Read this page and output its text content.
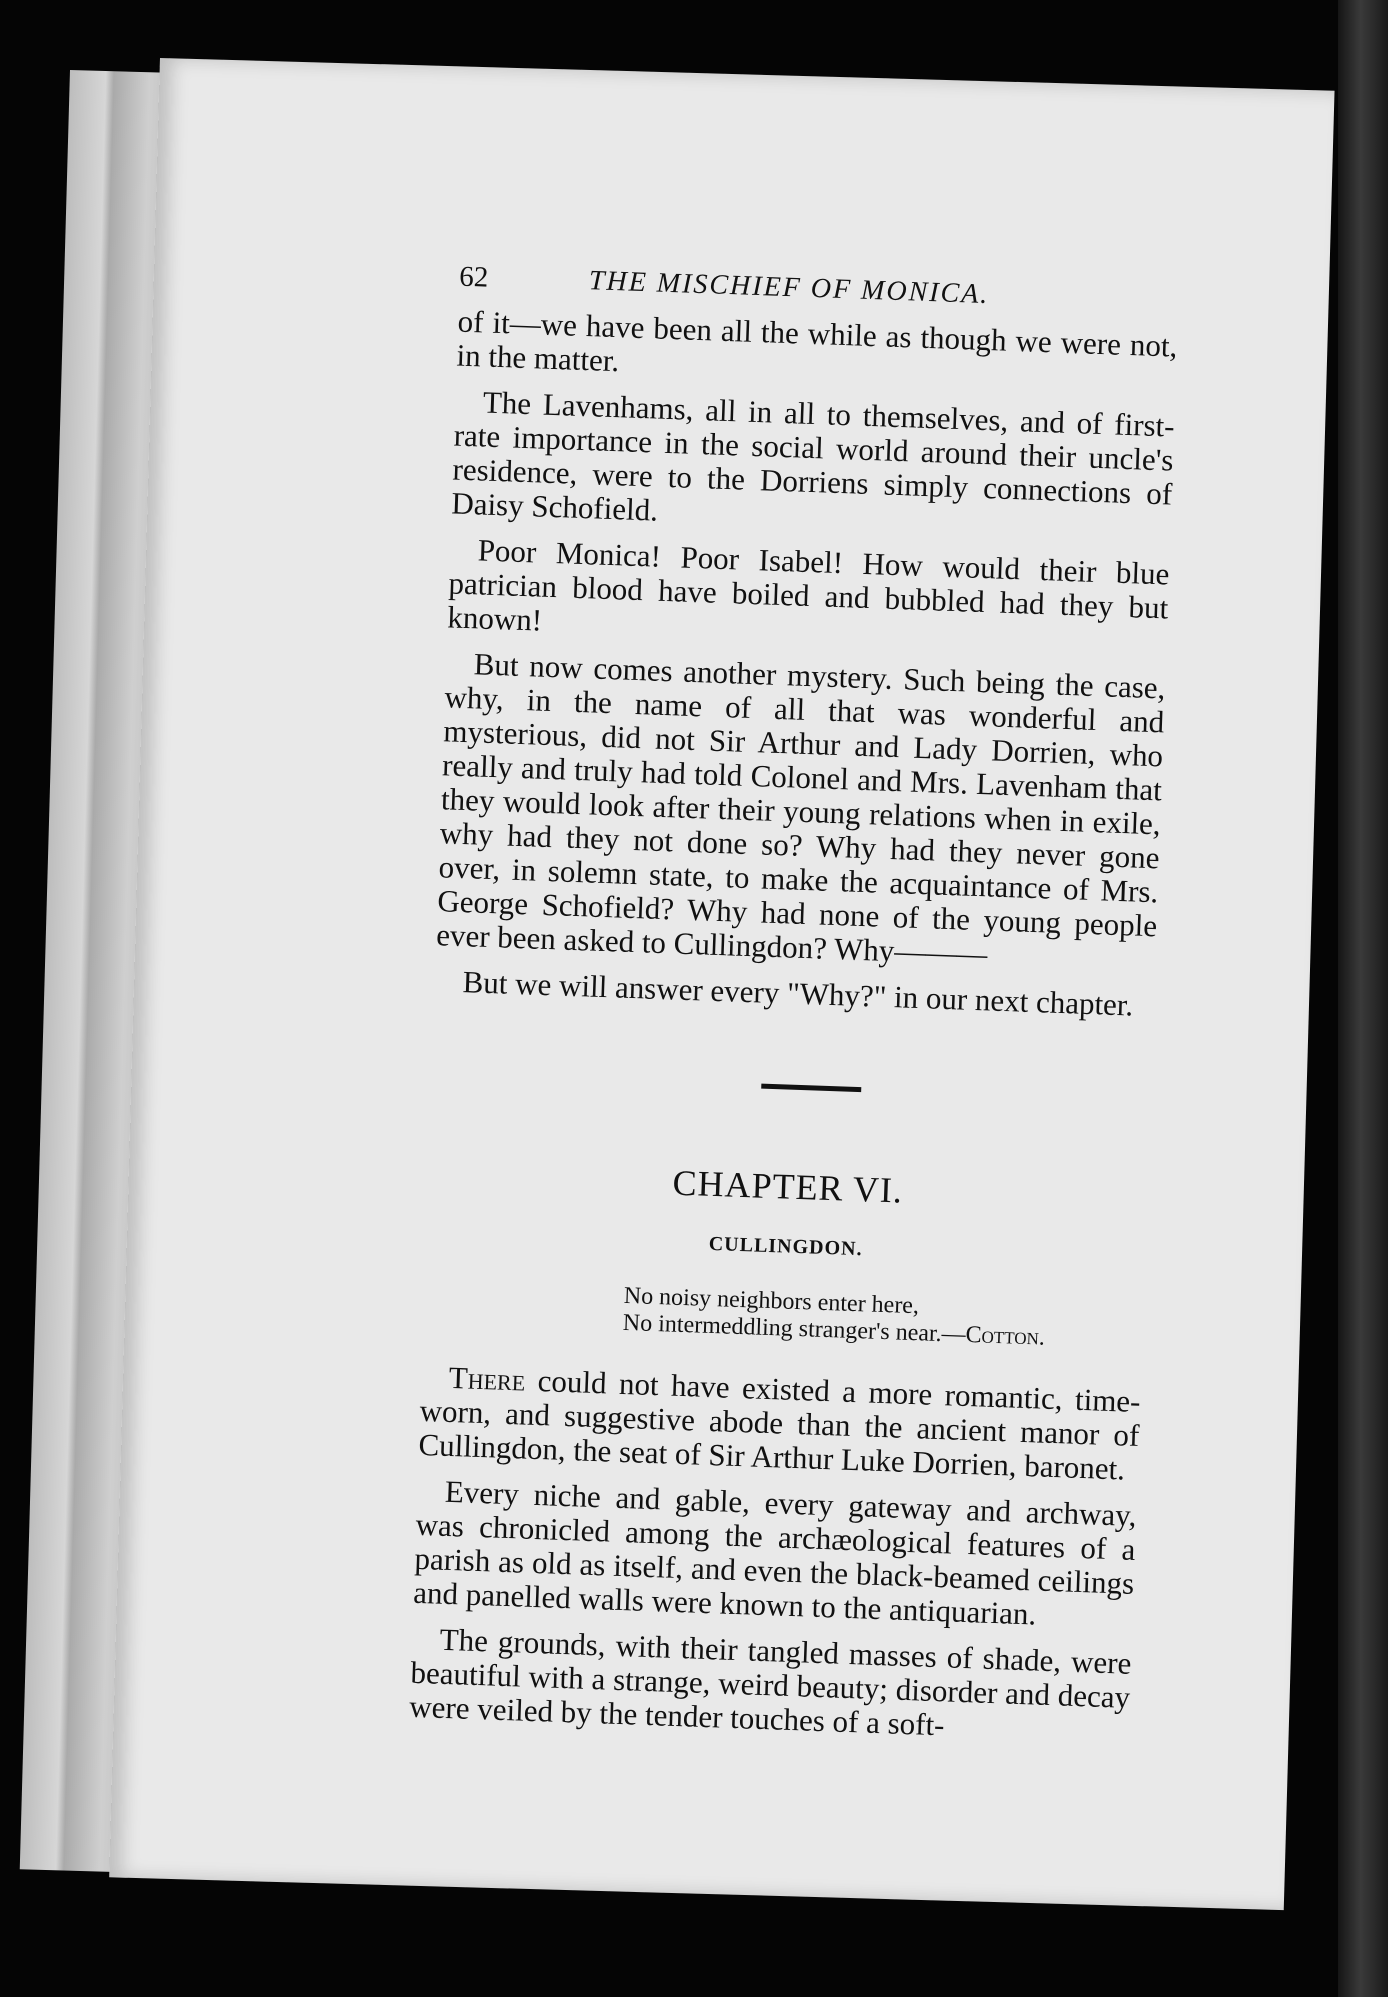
62	THE MISCHIEF OF MONICA.

of it—we have been all the while as though we were not, in the matter.

The Lavenhams, all in all to themselves, and of first-rate importance in the social world around their uncle's residence, were to the Dorriens simply connections of Daisy Schofield.

Poor Monica! Poor Isabel! How would their blue patrician blood have boiled and bubbled had they but known!

But now comes another mystery. Such being the case, why, in the name of all that was wonderful and mysterious, did not Sir Arthur and Lady Dorrien, who really and truly had told Colonel and Mrs. Lavenham that they would look after their young relations when in exile, why had they not done so? Why had they never gone over, in solemn state, to make the acquaintance of Mrs. George Schofield? Why had none of the young people ever been asked to Cullingdon? Why———

But we will answer every "Why?" in our next chapter.

CHAPTER VI.
CULLINGDON.
No noisy neighbors enter here,
No intermeddling stranger's near.—Cotton.

There could not have existed a more romantic, time-worn, and suggestive abode than the ancient manor of Cullingdon, the seat of Sir Arthur Luke Dorrien, baronet.

Every niche and gable, every gateway and archway, was chronicled among the archæological features of a parish as old as itself, and even the black-beamed ceilings and panelled walls were known to the antiquarian.

The grounds, with their tangled masses of shade, were beautiful with a strange, weird beauty; disorder and decay were veiled by the tender touches of a soft-
